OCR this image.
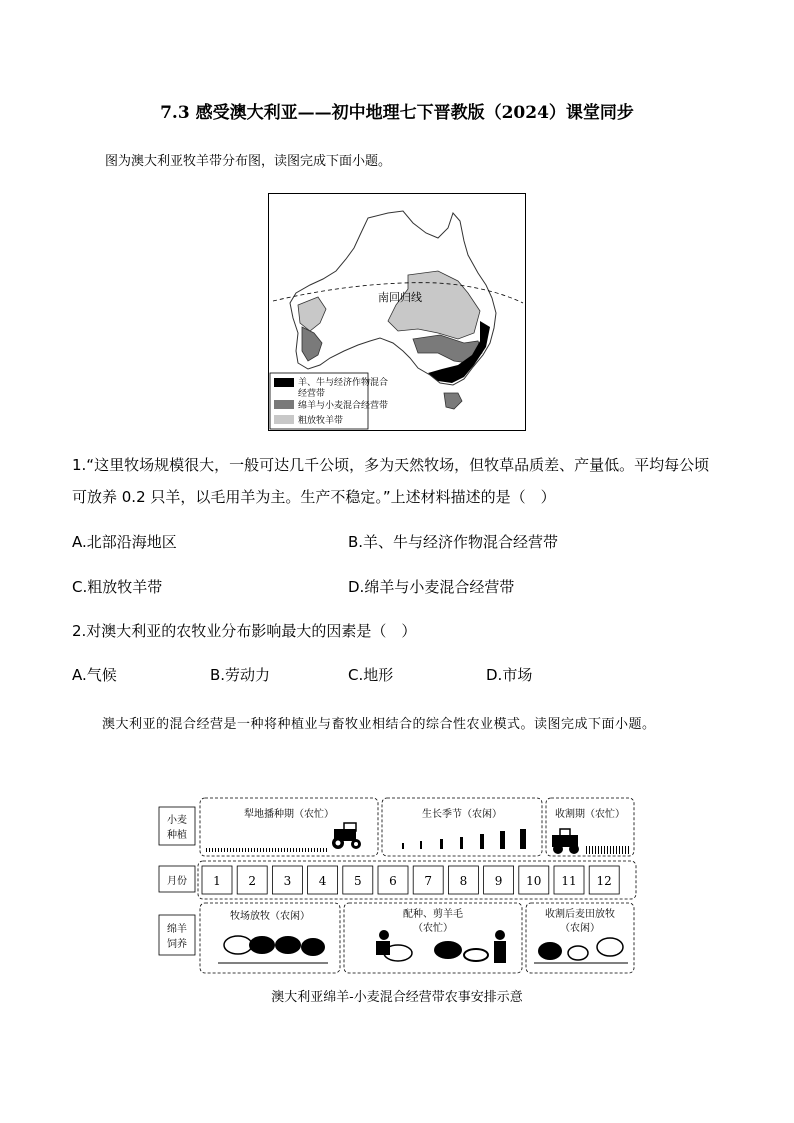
7.3 感受澳大利亚——初中地理七下晋教版（2024）课堂同步
图为澳大利亚牧羊带分布图，读图完成下面小题。
南回归线
羊、牛与经济作物混合
经营带
绵羊与小麦混合经营带
粗放牧羊带
1.“这里牧场规模很大，一般可达几千公顷，多为天然牧场，但牧草品质差、产量低。平均每公顷可放养 0.2 只羊，以毛用羊为主。生产不稳定。”上述材料描述的是（　）
A.北部沿海地区	B.羊、牛与经济作物混合经营带
C.粗放牧羊带	D.绵羊与小麦混合经营带
2.对澳大利亚的农牧业分布影响最大的因素是（　）
A.气候	B.劳动力	C.地形	D.市场
澳大利亚的混合经营是一种将种植业与畜牧业相结合的综合性农业模式。读图完成下面小题。
小麦
种植
月份
绵羊
饲养
犁地播种期（农忙）	生长季节（农闲）	收割期（农忙）
1 2 3 4 5 6 7 8 9 10 11 12
牧场放牧（农闲）	配种、剪羊毛
（农忙）
收割后麦田放牧
（农闲）
澳大利亚绵羊-小麦混合经营带农事安排示意
